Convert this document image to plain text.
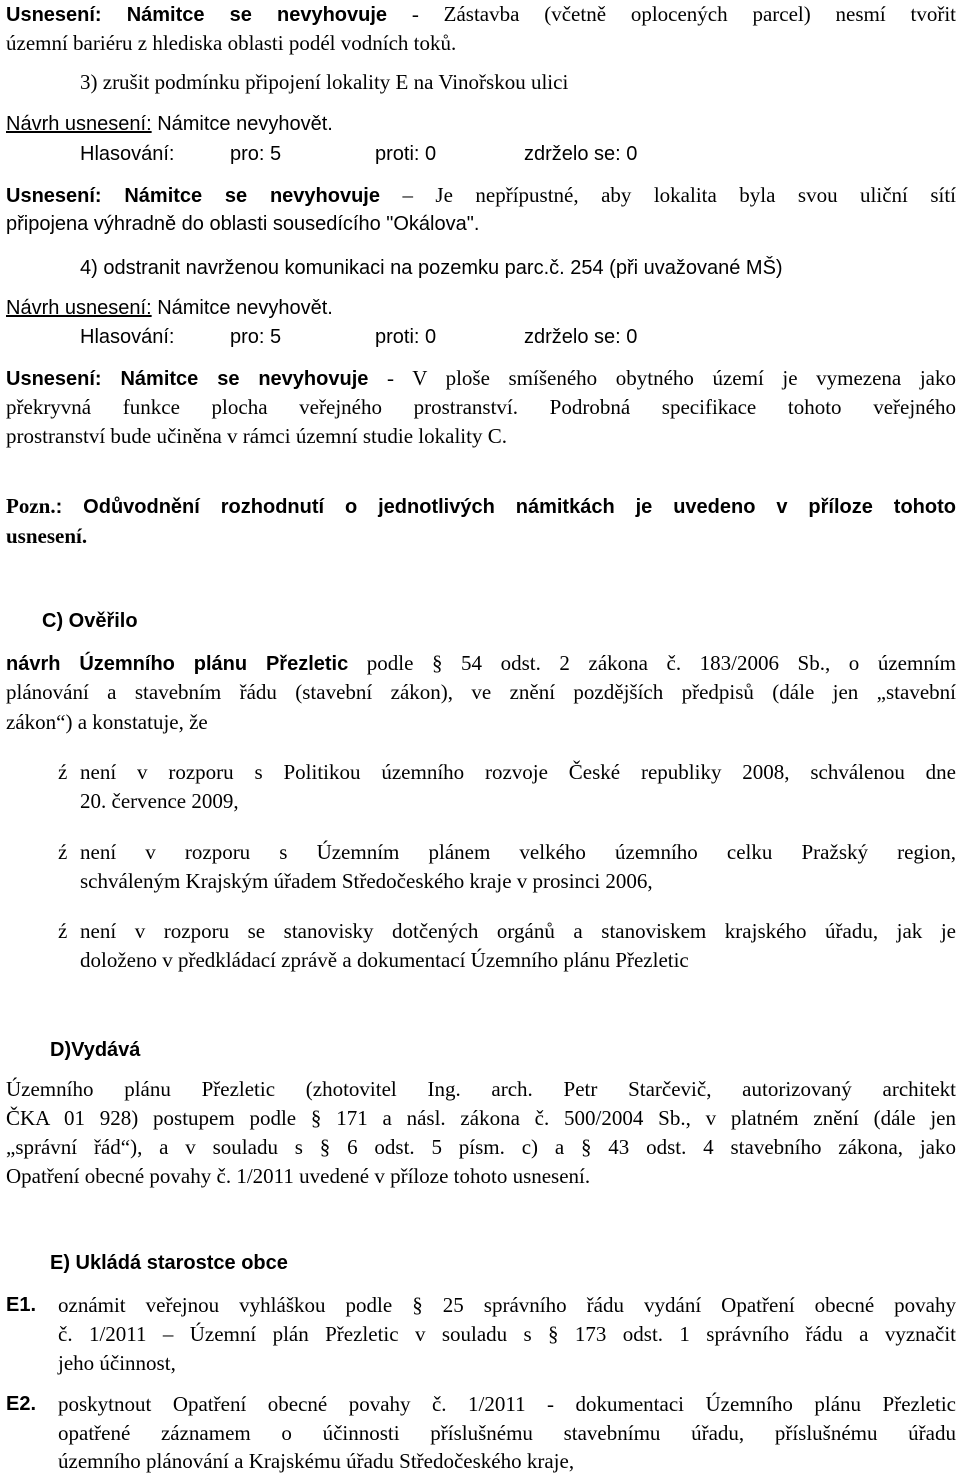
Usnesení: Námitce se nevyhovuje - Zástavba (včetně oplocených parcel) nesmí tvořit
územní bariéru z hlediska oblasti podél vodních toků.
3) zrušit podmínku připojení lokality E na Vinořskou ulici
Návrh usnesení: Námitce nevyhovět.
Hlasování:	pro: 5	proti: 0	zdrželo se: 0
Usnesení: Námitce se nevyhovuje – Je nepřípustné, aby lokalita byla svou uliční sítí
připojena výhradně do oblasti sousedícího "Okálova".
4) odstranit navrženou komunikaci na pozemku parc.č. 254 (při uvažované MŠ)
Návrh usnesení: Námitce nevyhovět.
Hlasování:	pro: 5	proti: 0	zdrželo se: 0
Usnesení: Námitce se nevyhovuje - V ploše smíšeného obytného území je vymezena jako
překryvná funkce plocha veřejného prostranství. Podrobná specifikace tohoto veřejného
prostranství bude učiněna v rámci územní studie lokality C.
Pozn.: Odůvodnění rozhodnutí o jednotlivých námitkách je uvedeno v příloze tohoto
usnesení.
C) Ověřilo
návrh Územního plánu Přezletic podle § 54 odst. 2 zákona č. 183/2006 Sb., o územním
plánování a stavebním řádu (stavební zákon), ve znění pozdějších předpisů (dále jen „stavební
zákon“) a konstatuje, že
ź není v rozporu s Politikou územního rozvoje České republiky 2008, schválenou dne
20. července 2009,
ź není v rozporu s Územním plánem velkého územního celku Pražský region,
schváleným Krajským úřadem Středočeského kraje v prosinci 2006,
ź není v rozporu se stanovisky dotčených orgánů a stanoviskem krajského úřadu, jak je
doloženo v předkládací zprávě a dokumentací Územního plánu Přezletic
D)Vydává
Územního plánu Přezletic (zhotovitel Ing. arch. Petr Starčevič, autorizovaný architekt
ČKA 01 928) postupem podle § 171 a násl. zákona č. 500/2004 Sb., v platném znění (dále jen
„správní řád“), a v souladu s § 6 odst. 5 písm. c) a § 43 odst. 4 stavebního zákona, jako
Opatření obecné povahy č. 1/2011 uvedené v příloze tohoto usnesení.
E) Ukládá starostce obce
E1. oznámit veřejnou vyhláškou podle § 25 správního řádu vydání Opatření obecné povahy
č. 1/2011 – Územní plán Přezletic v souladu s § 173 odst. 1 správního řádu a vyznačit
jeho účinnost,
E2. poskytnout Opatření obecné povahy č. 1/2011 - dokumentaci Územního plánu Přezletic
opatřené záznamem o účinnosti příslušnému stavebnímu úřadu, příslušnému úřadu
územního plánování a Krajskému úřadu Středočeského kraje,
